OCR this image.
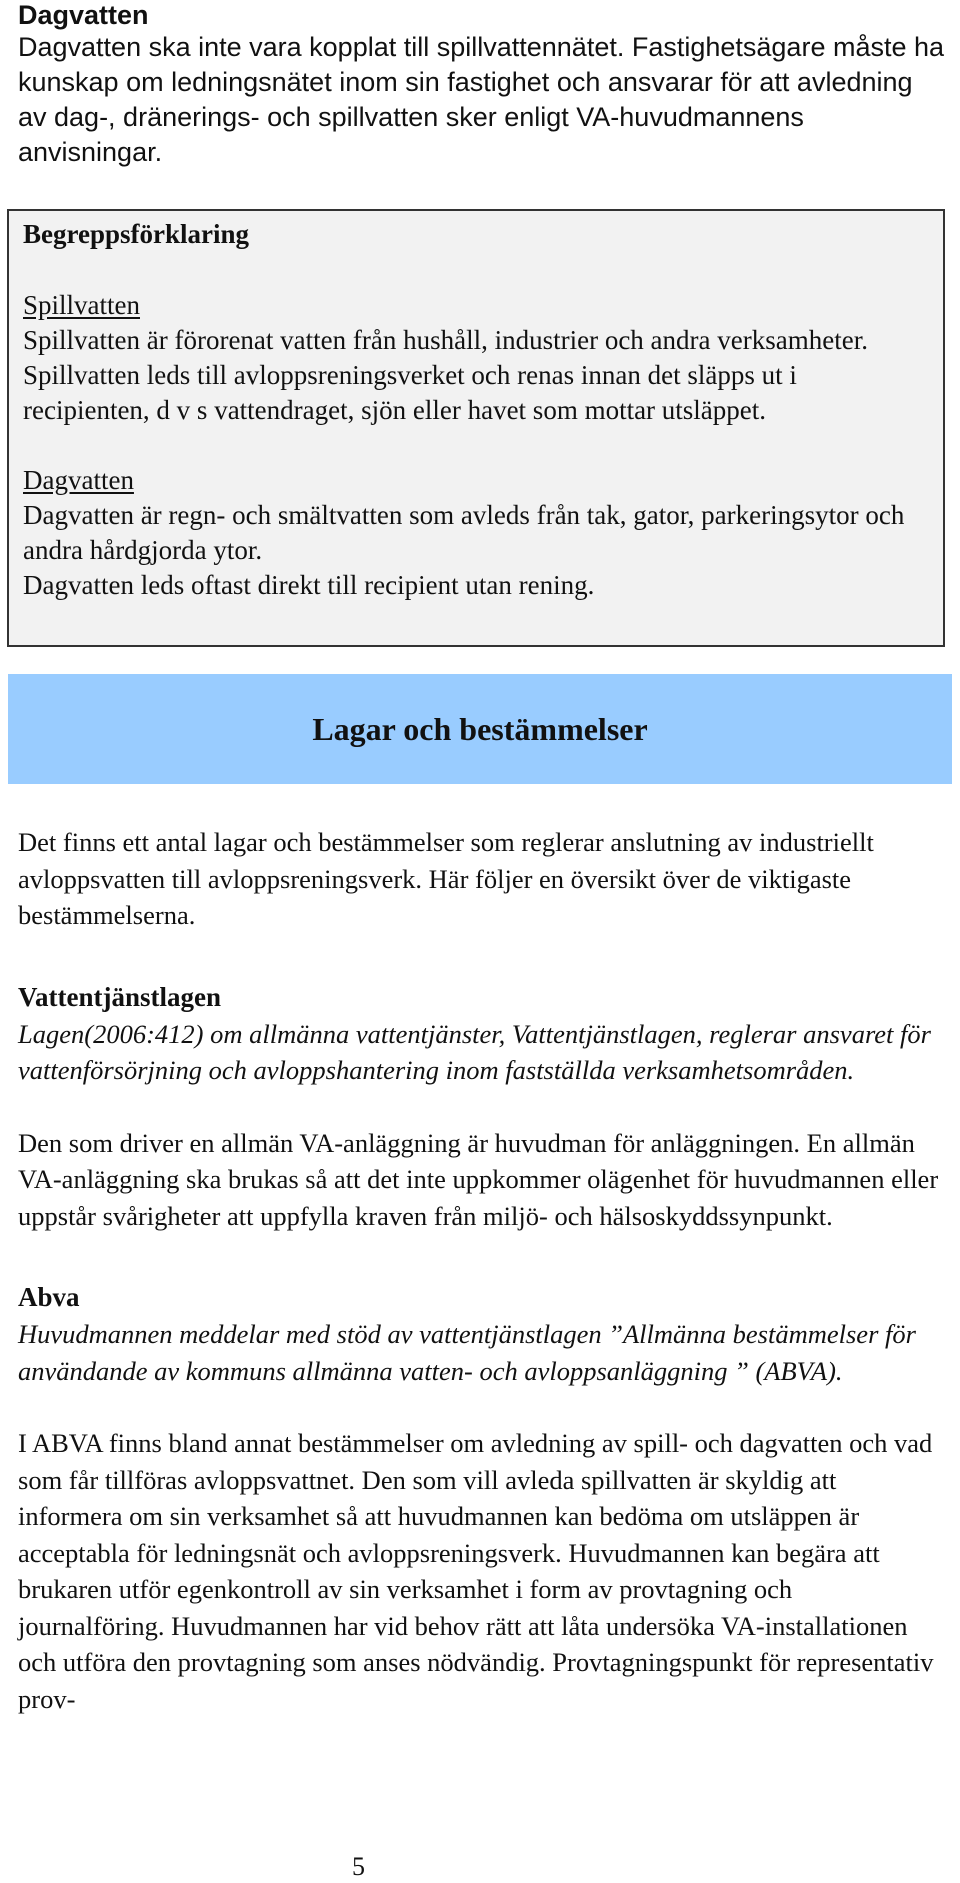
Dagvatten

Dagvatten ska inte vara kopplat till spillvattennätet. Fastighetsägare måste ha kunskap om ledningsnätet inom sin fastighet och ansvarar för att avledning av dag-, dränerings- och spillvatten sker enligt VA-huvudmannens anvisningar.

Begreppsförklaring

Spillvatten

Spillvatten är förorenat vatten från hushåll, industrier och andra verksamheter. Spillvatten leds till avloppsreningsverket och renas innan det släpps ut i recipienten, d v s vattendraget, sjön eller havet som mottar utsläppet.

Dagvatten

Dagvatten är regn- och smältvatten som avleds från tak, gator, parkeringsytor och andra hårdgjorda ytor.

Dagvatten leds oftast direkt till recipient utan rening.

Lagar och bestämmelser

Det finns ett antal lagar och bestämmelser som reglerar anslutning av industriellt avloppsvatten till avloppsreningsverk. Här följer en översikt över de viktigaste bestämmelserna.

Vattentjänstlagen

Lagen(2006:412) om allmänna vattentjänster, Vattentjänstlagen, reglerar ansvaret för vattenförsörjning och avloppshantering inom fastställda verksamhetsområden.

Den som driver en allmän VA-anläggning är huvudman för anläggningen. En allmän VA-anläggning ska brukas så att det inte uppkommer olägenhet för huvudmannen eller uppstår svårigheter att uppfylla kraven från miljö- och hälsoskyddssynpunkt.

Abva

Huvudmannen meddelar med stöd av vattentjänstlagen ”Allmänna bestämmelser för användande av kommuns allmänna vatten- och avloppsanläggning ” (ABVA).

I ABVA finns bland annat bestämmelser om avledning av spill- och dagvatten och vad som får tillföras avloppsvattnet. Den som vill avleda spillvatten är skyldig att informera om sin verksamhet så att huvudmannen kan bedöma om utsläppen är acceptabla för ledningsnät och avloppsreningsverk. Huvudmannen kan begära att brukaren utför egenkontroll av sin verksamhet i form av provtagning och journalföring. Huvudmannen har vid behov rätt att låta undersöka VA-installationen och utföra den provtagning som anses nödvändig. Provtagningspunkt för representativ prov-

5
